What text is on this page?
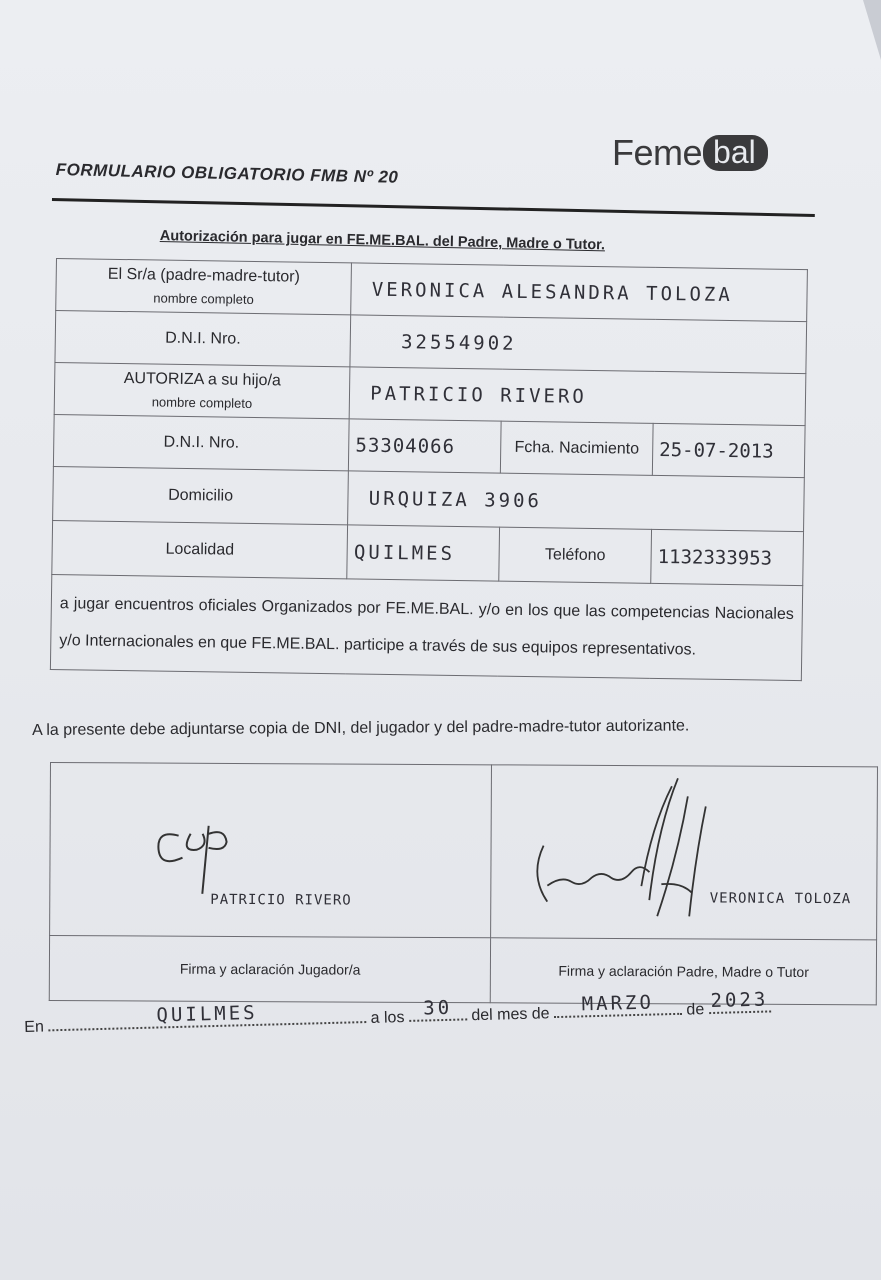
Feme bal
FORMULARIO OBLIGATORIO FMB Nº 20
Autorización para jugar en FE.ME.BAL. del Padre, Madre o Tutor.
El Sr/a (padre-madre-tutor)
nombre completo	VERONICA ALESANDRA TOLOZA		
D.N.I. Nro.	32554902		
AUTORIZA a su hijo/a
nombre completo	PATRICIO RIVERO		
D.N.I. Nro.	53304066	Fcha. Nacimiento	25-07-2013
Domicilio	URQUIZA 3906		
Localidad	QUILMES	Teléfono	1132333953
a jugar encuentros oficiales Organizados por FE.ME.BAL. y/o en los que las competencias Nacionales y/o Internacionales en que FE.ME.BAL. participe a través de sus equipos representativos.			
A la presente debe adjuntarse copia de DNI, del jugador y del padre-madre-tutor autorizante.
PATRICIO RIVERO	VERONICA TOLOZA

Firma y aclaración Jugador/a	Firma y aclaración Padre, Madre o Tutor
En
QUILMES	a los 30 del mes de MARZO de 2023
